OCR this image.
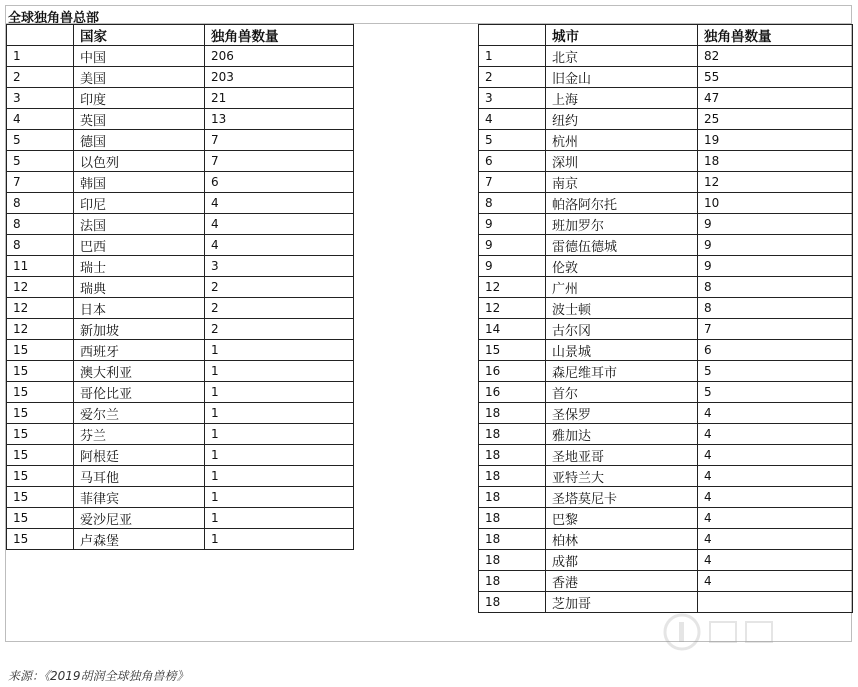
全球独角兽总部
	国家	独角兽数量
1	中国	206
2	美国	203
3	印度	21
4	英国	13
5	德国	7
5	以色列	7
7	韩国	6
8	印尼	4
8	法国	4
8	巴西	4
11	瑞士	3
12	瑞典	2
12	日本	2
12	新加坡	2
15	西班牙	1
15	澳大利亚	1
15	哥伦比亚	1
15	爱尔兰	1
15	芬兰	1
15	阿根廷	1
15	马耳他	1
15	菲律宾	1
15	爱沙尼亚	1
15	卢森堡	1
	城市	独角兽数量
1	北京	82
2	旧金山	55
3	上海	47
4	纽约	25
5	杭州	19
6	深圳	18
7	南京	12
8	帕洛阿尔托	10
9	班加罗尔	9
9	雷德伍德城	9
9	伦敦	9
12	广州	8
12	波士顿	8
14	古尔冈	7
15	山景城	6
16	森尼维耳市	5
16	首尔	5
18	圣保罗	4
18	雅加达	4
18	圣地亚哥	4
18	亚特兰大	4
18	圣塔莫尼卡	4
18	巴黎	4
18	柏林	4
18	成都	4
18	香港	4
18	芝加哥	
来源：《2019胡润全球独角兽榜》
